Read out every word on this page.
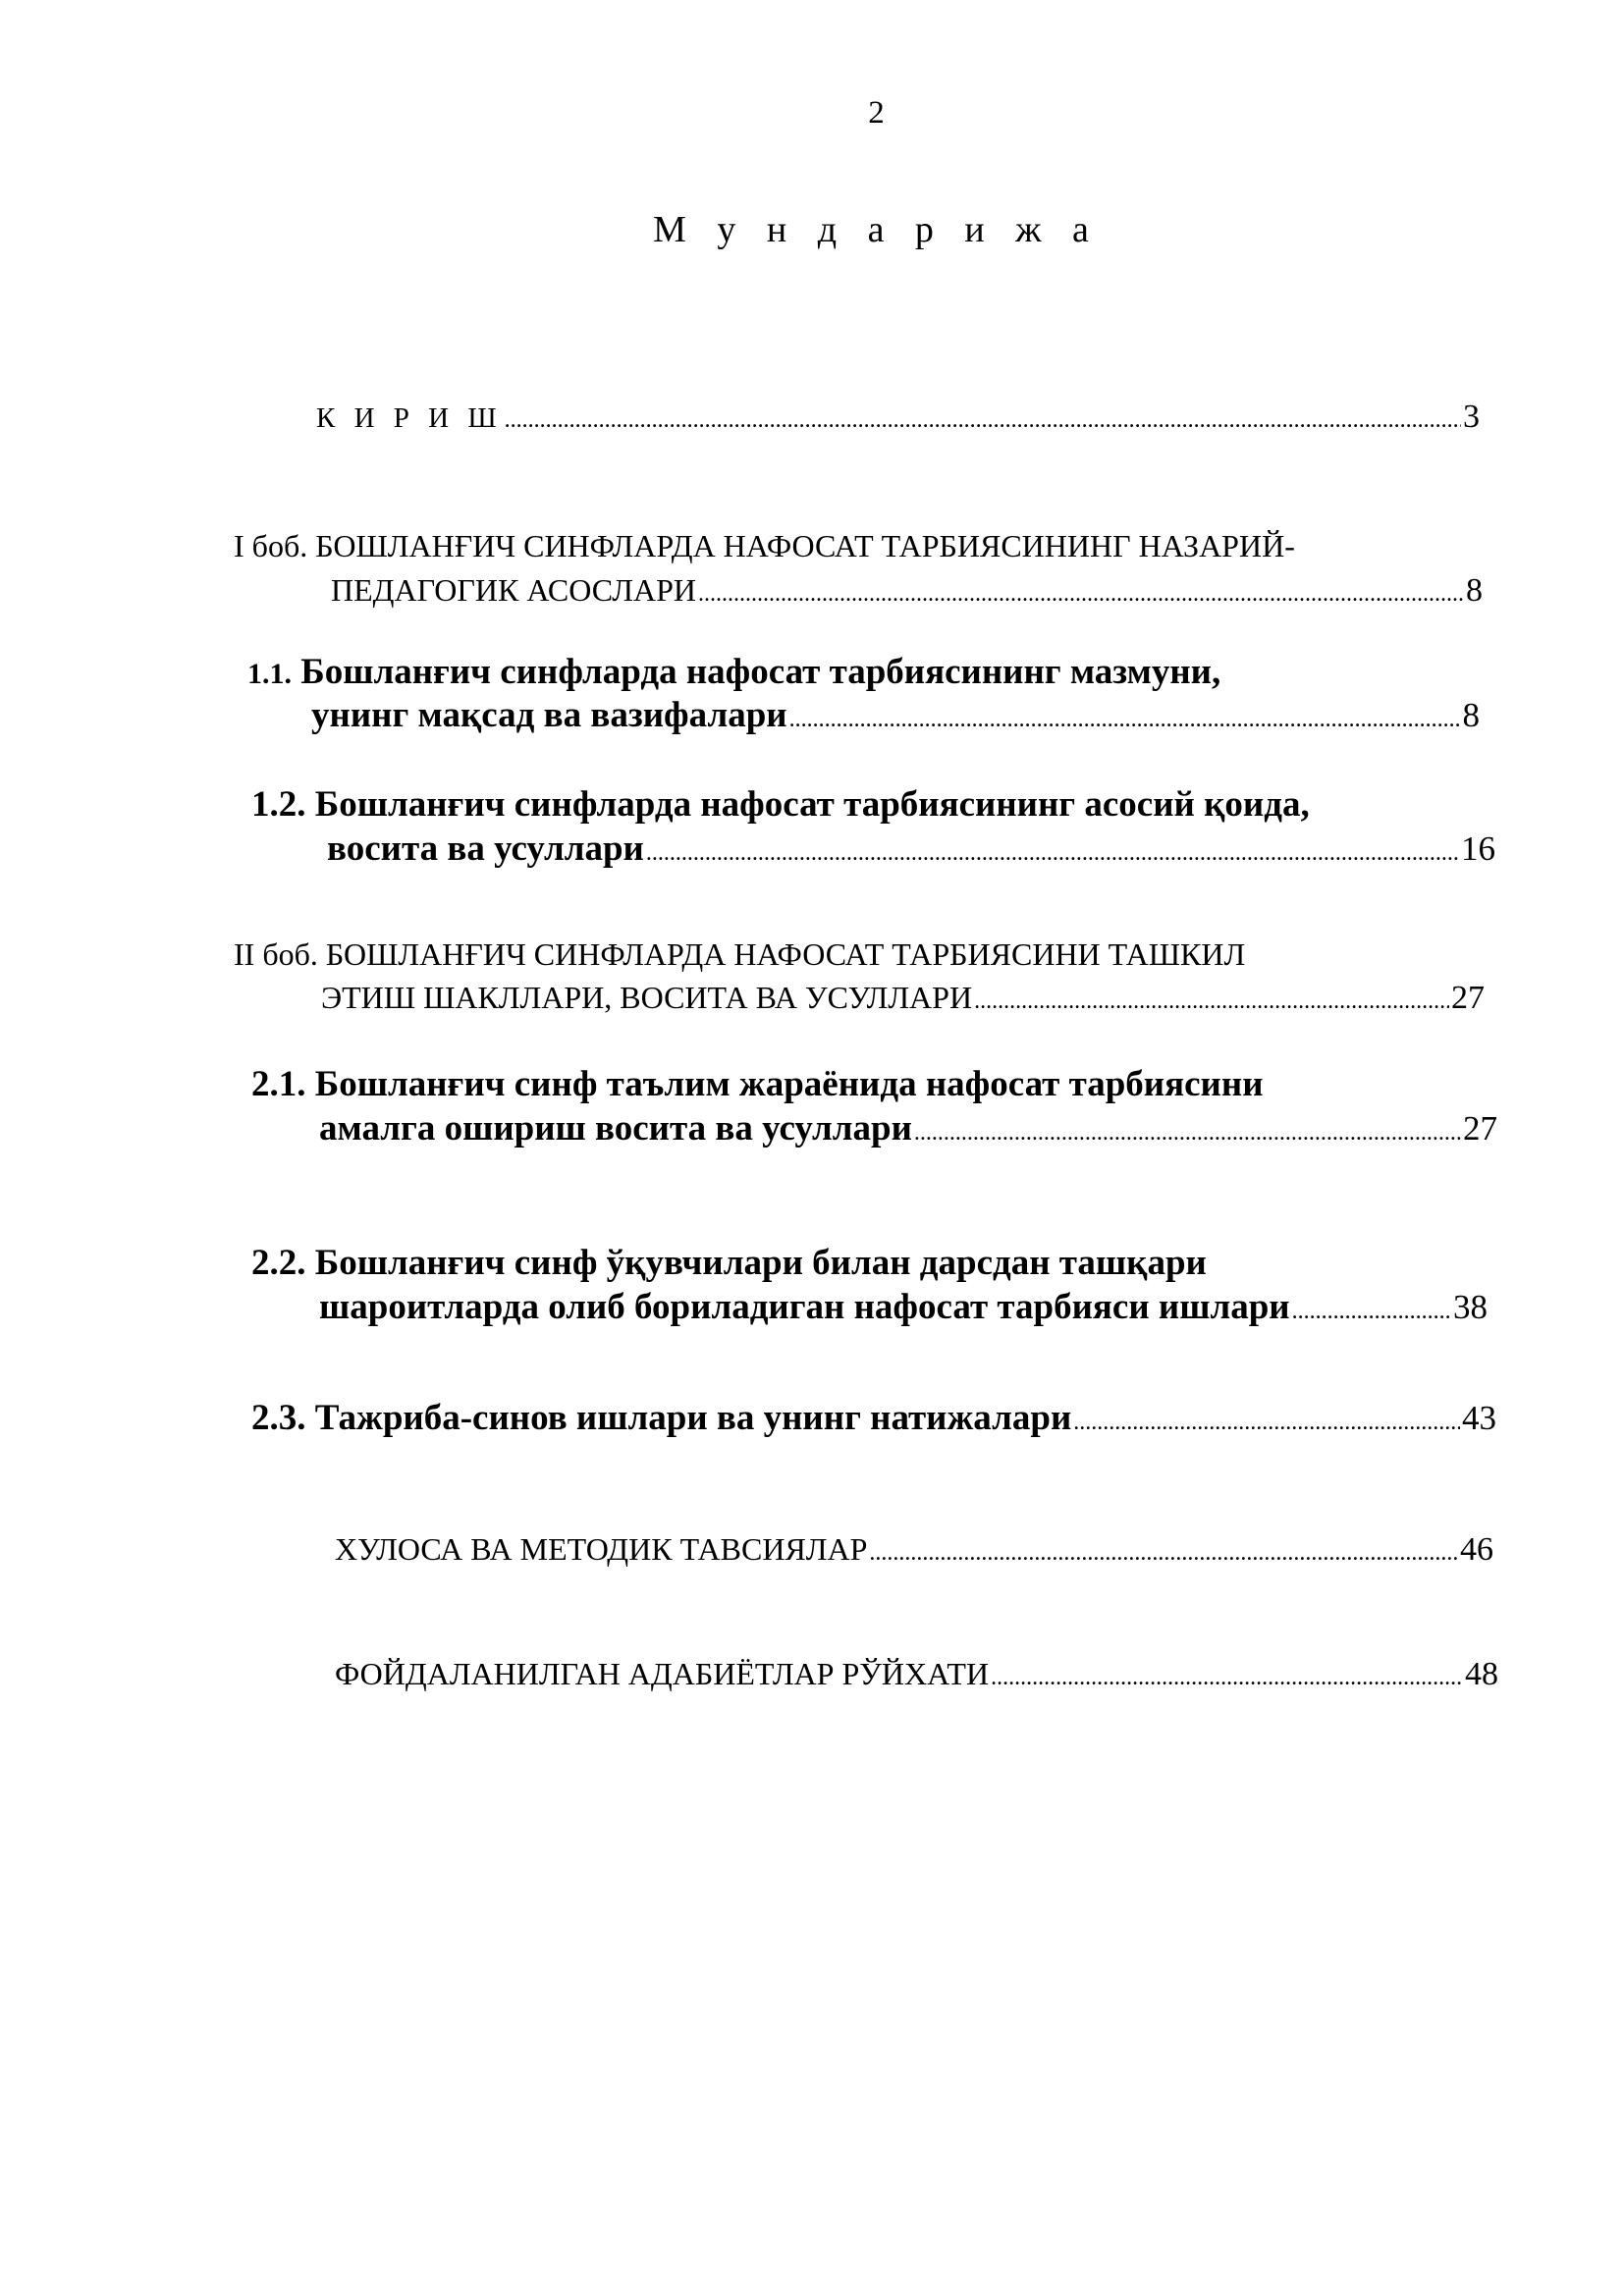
2
М у н д а р и ж а
К И Р И Ш .....	3
I боб. БОШЛАНҒИЧ СИНФЛАРДА НАФОСАТ ТАРБИЯСИНИНГ НАЗАРИЙ-
ПЕДАГОГИК АСОСЛАРИ .....	8
1.1. Бошланғич синфларда нафосат тарбиясининг мазмуни,
унинг мақсад ва вазифалари .....	8
1.2. Бошланғич синфларда нафосат тарбиясининг асосий қоида,
восита ва усуллари .....	16
II боб. БОШЛАНҒИЧ СИНФЛАРДА НАФОСАТ ТАРБИЯСИНИ ТАШКИЛ
ЭТИШ ШАКЛЛАРИ, ВОСИТА ВА УСУЛЛАРИ .....	27
2.1. Бошланғич синф таълим жараёнида нафосат тарбиясини
амалга ошириш восита ва усуллари .....	27
2.2. Бошланғич синф ўқувчилари билан дарсдан ташқари
шароитларда олиб бориладиган нафосат тарбияси ишлари .....	38
2.3. Тажриба-синов ишлари ва унинг натижалари .....	43
ХУЛОСА ВА МЕТОДИК ТАВСИЯЛАР .....	46
ФОЙДАЛАНИЛГАН АДАБИЁТЛАР РЎЙХАТИ .....	48
